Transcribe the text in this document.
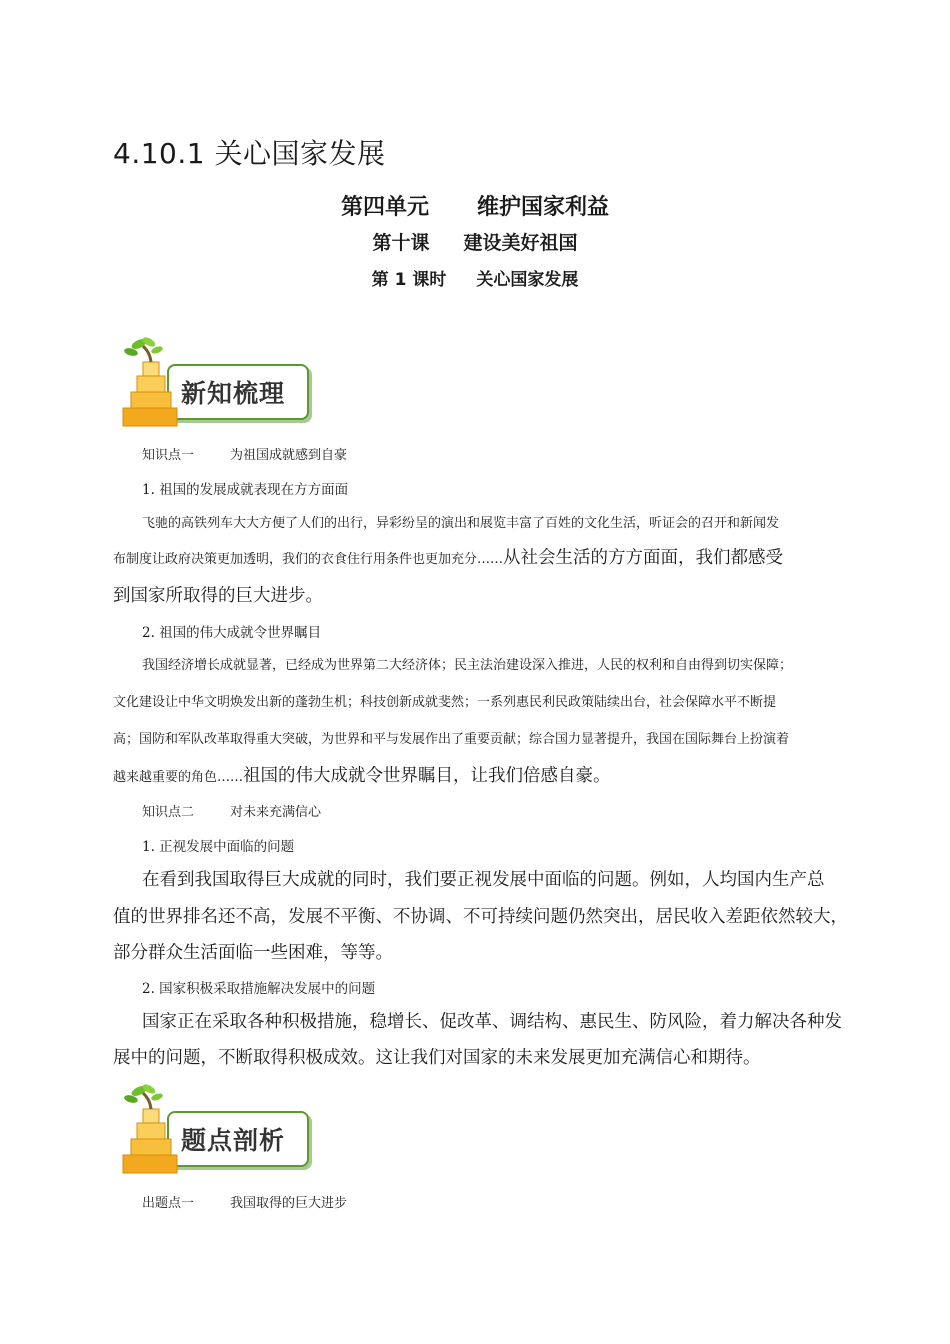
4.10.1 关心国家发展
第四单元 维护国家利益
第十课 建设美好祖国
第 1 课时 关心国家发展
新知梳理
知识点一	为祖国成就感到自豪
1. 祖国的发展成就表现在方方面面
飞驰的高铁列车大大方便了人们的出行，异彩纷呈的演出和展览丰富了百姓的文化生活，听证会的召开和新闻发
布制度让政府决策更加透明，我们的衣食住行用条件也更加充分……从社会生活的方方面面，我们都感受
到国家所取得的巨大进步。
2. 祖国的伟大成就令世界瞩目
我国经济增长成就显著，已经成为世界第二大经济体；民主法治建设深入推进，人民的权利和自由得到切实保障；
文化建设让中华文明焕发出新的蓬勃生机；科技创新成就斐然；一系列惠民利民政策陆续出台，社会保障水平不断提
高；国防和军队改革取得重大突破，为世界和平与发展作出了重要贡献；综合国力显著提升，我国在国际舞台上扮演着
越来越重要的角色……祖国的伟大成就令世界瞩目，让我们倍感自豪。
知识点二	对未来充满信心
1. 正视发展中面临的问题
在看到我国取得巨大成就的同时，我们要正视发展中面临的问题。例如，人均国内生产总
值的世界排名还不高，发展不平衡、不协调、不可持续问题仍然突出，居民收入差距依然较大，
部分群众生活面临一些困难，等等。
2. 国家积极采取措施解决发展中的问题
国家正在采取各种积极措施，稳增长、促改革、调结构、惠民生、防风险，着力解决各种发
展中的问题，不断取得积极成效。这让我们对国家的未来发展更加充满信心和期待。
题点剖析
出题点一	我国取得的巨大进步
